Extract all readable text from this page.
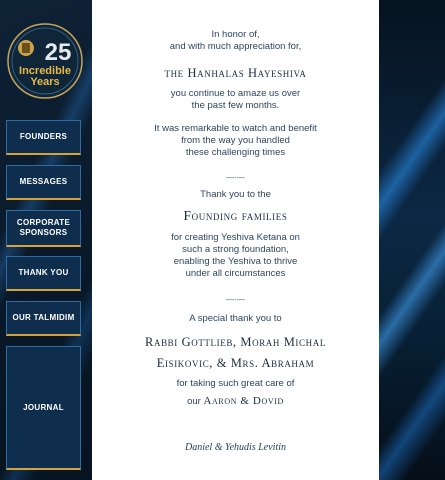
25
Incredible
Years
FOUNDERS
MESSAGES
CORPORATE
SPONSORS
THANK YOU
OUR TALMIDIM
JOURNAL

In honor of,

and with much appreciation for,

the Hanhalas Hayeshiva

you continue to amaze us over

the past few months.

It was remarkable to watch and benefit

from the way you handled

these challenging times

—·—

Thank you to the

Founding families

for creating Yeshiva Ketana on

such a strong foundation,

enabling the Yeshiva to thrive

under all circumstances

—·—

A special thank you to

Rabbi Gottlieb, Morah Michal

Eisikovic, & Mrs. Abraham

for taking such great care of

our Aaron & Dovid

Daniel & Yehudis Levitin
